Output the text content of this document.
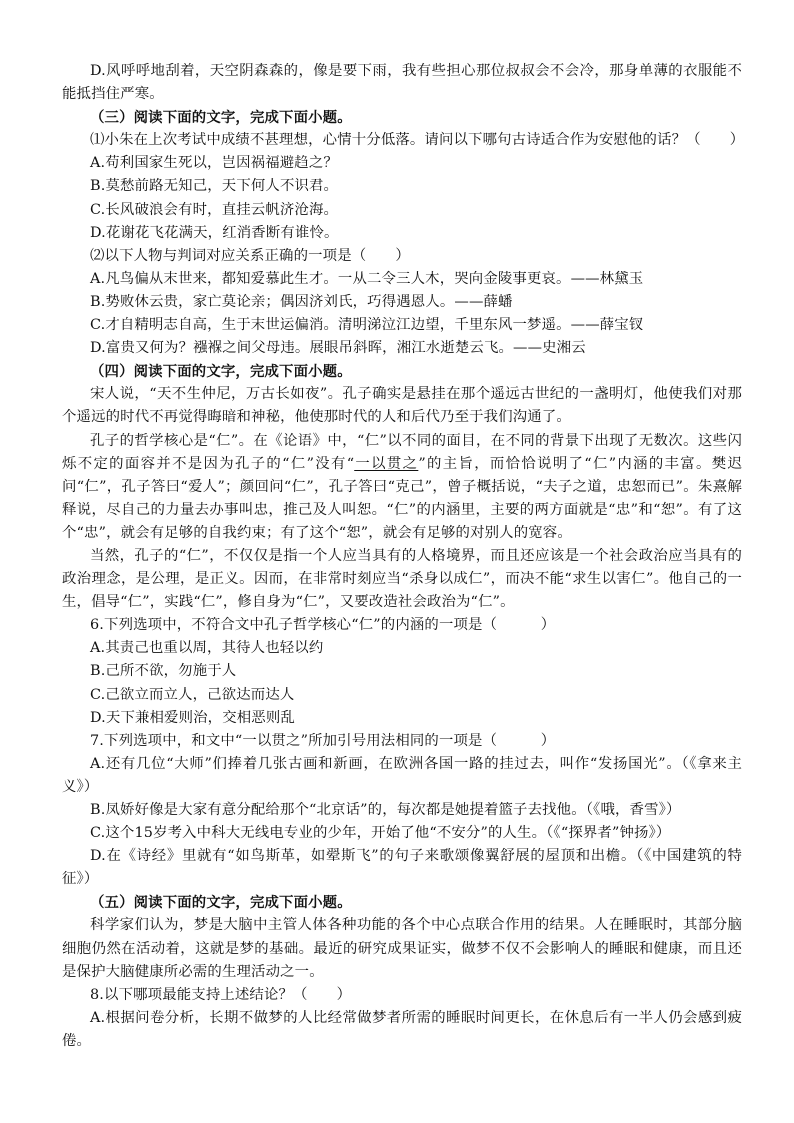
D.风呼呼地刮着，天空阴森森的，像是要下雨，我有些担心那位叔叔会不会冷，那身单薄的衣服能不能抵挡住严寒。

（三）阅读下面的文字，完成下面小题。

⑴小朱在上次考试中成绩不甚理想，心情十分低落。请问以下哪句古诗适合作为安慰他的话？（　　）

A.苟利国家生死以，岂因祸福避趋之？

B.莫愁前路无知己，天下何人不识君。

C.长风破浪会有时，直挂云帆济沧海。

D.花谢花飞花满天，红消香断有谁怜。

⑵以下人物与判词对应关系正确的一项是（　　）

A.凡鸟偏从末世来，都知爱慕此生才。一从二令三人木，哭向金陵事更哀。——林黛玉

B.势败休云贵，家亡莫论亲；偶因济刘氏，巧得遇恩人。——薛蟠

C.才自精明志自高，生于末世运偏消。清明涕泣江边望，千里东风一梦遥。——薛宝钗

D.富贵又何为？襁褓之间父母违。展眼吊斜晖，湘江水逝楚云飞。——史湘云

（四）阅读下面的文字，完成下面小题。

宋人说，“天不生仲尼，万古长如夜”。孔子确实是悬挂在那个遥远古世纪的一盏明灯，他使我们对那个遥远的时代不再觉得晦暗和神秘，他使那时代的人和后代乃至于我们沟通了。

孔子的哲学核心是“仁”。在《论语》中，“仁”以不同的面目，在不同的背景下出现了无数次。这些闪烁不定的面容并不是因为孔子的“仁”没有“一以贯之”的主旨，而恰恰说明了“仁”内涵的丰富。樊迟问“仁”，孔子答曰“爱人”；颜回问“仁”，孔子答曰“克己”，曾子概括说，“夫子之道，忠恕而已”。朱熹解释说，尽自己的力量去办事叫忠，推己及人叫恕。“仁”的内涵里，主要的两方面就是“忠”和“恕”。有了这个“忠”，就会有足够的自我约束；有了这个“恕”，就会有足够的对别人的宽容。

当然，孔子的“仁”，不仅仅是指一个人应当具有的人格境界，而且还应该是一个社会政治应当具有的政治理念，是公理，是正义。因而，在非常时刻应当“杀身以成仁”，而决不能“求生以害仁”。他自己的一生，倡导“仁”，实践“仁”，修自身为“仁”，又要改造社会政治为“仁”。

6.下列选项中，不符合文中孔子哲学核心“仁”的内涵的一项是（　　　）

A.其责己也重以周，其待人也轻以约

B.己所不欲，勿施于人

C.己欲立而立人，己欲达而达人

D.天下兼相爱则治，交相恶则乱

7.下列选项中，和文中“一以贯之”所加引号用法相同的一项是（　　　）

A.还有几位“大师”们捧着几张古画和新画，在欧洲各国一路的挂过去，叫作“发扬国光”。（《拿来主义》）

B.凤娇好像是大家有意分配给那个“北京话”的，每次都是她提着篮子去找他。（《哦，香雪》）

C.这个15岁考入中科大无线电专业的少年，开始了他“不安分”的人生。（《“探界者”钟扬》）

D.在《诗经》里就有“如鸟斯革，如翚斯飞”的句子来歌颂像翼舒展的屋顶和出檐。（《中国建筑的特征》）

（五）阅读下面的文字，完成下面小题。

科学家们认为，梦是大脑中主管人体各种功能的各个中心点联合作用的结果。人在睡眠时，其部分脑细胞仍然在活动着，这就是梦的基础。最近的研究成果证实，做梦不仅不会影响人的睡眠和健康，而且还是保护大脑健康所必需的生理活动之一。

8.以下哪项最能支持上述结论？（　　）

A.根据问卷分析，长期不做梦的人比经常做梦者所需的睡眠时间更长，在休息后有一半人仍会感到疲倦。
